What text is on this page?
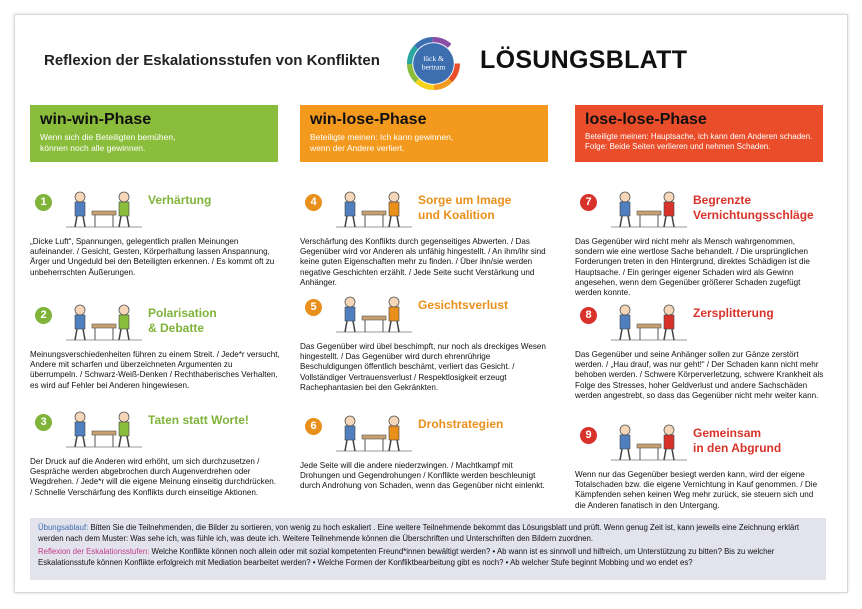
Reflexion der Eskalationsstufen von Konflikten	lück &
bertram LÖSUNGSBLATT
win-win-Phase
Wenn sich die Beteiligten bemühen,
können noch alle gewinnen.
win-lose-Phase
Beteiligte meinen: Ich kann gewinnen,
wenn der Andere verliert.
lose-lose-Phase
Beteiligte meinen: Hauptsache, ich kann dem Anderen schaden.
Folge: Beide Seiten verlieren und nehmen Schaden.
1	Verhärtung
„Dicke Luft“, Spannungen, gelegentlich prallen Meinungen aufeinander. / Gesicht, Gesten, Körperhaltung lassen Anspannung, Ärger und Ungeduld bei den Beteiligten erkennen. / Es kommt oft zu unbeherrschten Äußerungen.
2	Polarisation
& Debatte
Meinungsverschiedenheiten führen zu einem Streit. / Jede*r versucht, Andere mit scharfen und überzeichneten Argumenten zu überrumpeln. / Schwarz-Weiß-Denken / Rechthaberisches Verhalten, es wird auf Fehler bei Anderen hingewiesen.
3	Taten statt Worte!
Der Druck auf die Anderen wird erhöht, um sich durchzusetzen / Gespräche werden abgebrochen durch Augenverdrehen oder Wegdrehen. / Jede*r will die eigene Meinung einseitig durchdrücken. / Schnelle Verschärfung des Konflikts durch einseitige Aktionen.
4	Sorge um Image
und Koalition
Verschärfung des Konflikts durch gegenseitiges Abwerten. / Das Gegenüber wird vor Anderen als unfähig hingestellt. / An ihm/ihr sind keine guten Eigenschaften mehr zu finden. / Über ihn/sie werden negative Geschichten erzählt. / Jede Seite sucht Verstärkung und Anhänger.
5	Gesichtsverlust
Das Gegenüber wird übel beschimpft, nur noch als dreckiges Wesen hingestellt. / Das Gegenüber wird durch ehrenrührige Beschuldigungen öffentlich beschämt, verliert das Gesicht. / Vollständiger Vertrauensverlust / Respektlosigkeit erzeugt Rachephantasien bei den Gekränkten.
6	Drohstrategien
Jede Seite will die andere niederzwingen. / Machtkampf mit Drohungen und Gegendrohungen / Konflikte werden beschleunigt durch Androhung von Schaden, wenn das Gegenüber nicht einlenkt.
7	Begrenzte
Vernichtungsschläge
Das Gegenüber wird nicht mehr als Mensch wahrgenommen, sondern wie eine wertlose Sache behandelt. / Die ursprünglichen Forderungen treten in den Hintergrund, direktes Schädigen ist die Hauptsache. / Ein geringer eigener Schaden wird als Gewinn angesehen, wenn dem Gegenüber größerer Schaden zugefügt werden konnte.
8	Zersplitterung
Das Gegenüber und seine Anhänger sollen zur Gänze zerstört werden. / „Hau drauf, was nur geht!“ / Der Schaden kann nicht mehr behoben werden. / Schwere Körperverletzung, schwere Krankheit als Folge des Stresses, hoher Geldverlust und andere Sachschäden werden angestrebt, so dass das Gegenüber nicht mehr weiter kann.
9	Gemeinsam
in den Abgrund
Wenn nur das Gegenüber besiegt werden kann, wird der eigene Totalschaden bzw. die eigene Vernichtung in Kauf genommen. / Die Kämpfenden sehen keinen Weg mehr zurück, sie steuern sich und die Anderen fanatisch in den Untergang.

Übungsablauf: Bitten Sie die Teilnehmenden, die Bilder zu sortieren, von wenig zu hoch eskaliert . Eine weitere Teilnehmende bekommt das Lösungsblatt und prüft. Wenn genug Zeit ist, kann jeweils eine Zeichnung erklärt werden nach dem Muster: Was sehe ich, was fühle ich, was deute ich. Weitere Teilnehmende können die Überschriften und Unterschriften den Bildern zuordnen.

Reflexion der Eskalationsstufen: Welche Konflikte können noch allein oder mit sozial kompetenten Freund*innen bewältigt werden? • Ab wann ist es sinnvoll und hilfreich, um Unterstützung zu bitten? Bis zu welcher Eskalationsstufe können Konflikte erfolgreich mit Mediation bearbeitet werden? • Welche Formen der Konfliktbearbeitung gibt es noch? • Ab welcher Stufe beginnt Mobbing und wo endet es?
